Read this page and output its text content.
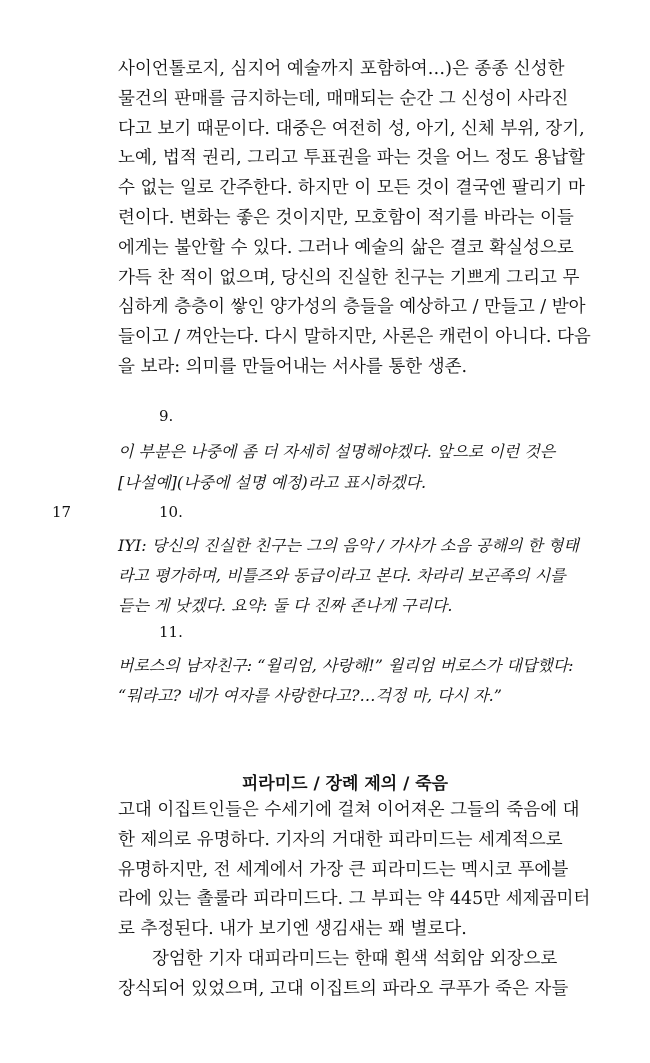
사이언톨로지, 심지어 예술까지 포함하여…)은 종종 신성한
물건의 판매를 금지하는데, 매매되는 순간 그 신성이 사라진
다고 보기 때문이다. 대중은 여전히 성, 아기, 신체 부위, 장기,
노예, 법적 권리, 그리고 투표권을 파는 것을 어느 정도 용납할
수 없는 일로 간주한다. 하지만 이 모든 것이 결국엔 팔리기 마
련이다. 변화는 좋은 것이지만, 모호함이 적기를 바라는 이들
에게는 불안할 수 있다. 그러나 예술의 삶은 결코 확실성으로
가득 찬 적이 없으며, 당신의 진실한 친구는 기쁘게 그리고 무
심하게 층층이 쌓인 양가성의 층들을 예상하고 / 만들고 / 받아
들이고 / 껴안는다. 다시 말하지만, 사론은 캐런이 아니다. 다음
을 보라: 의미를 만들어내는 서사를 통한 생존.
9.
이 부분은 나중에 좀 더 자세히 설명해야겠다. 앞으로 이런 것은
[나설예](나중에 설명 예정)라고 표시하겠다.
17	10.
IYI: 당신의 진실한 친구는 그의 음악 / 가사가 소음 공해의 한 형태
라고 평가하며, 비틀즈와 동급이라고 본다. 차라리 보곤족의 시를
듣는 게 낫겠다. 요약: 둘 다 진짜 존나게 구리다.
11.
버로스의 남자친구: “윌리엄, 사랑해!” 윌리엄 버로스가 대답했다:
“뭐라고? 네가 여자를 사랑한다고?…걱정 마, 다시 자.”
피라미드 / 장례 제의 / 죽음
고대 이집트인들은 수세기에 걸쳐 이어져온 그들의 죽음에 대
한 제의로 유명하다. 기자의 거대한 피라미드는 세계적으로
유명하지만, 전 세계에서 가장 큰 피라미드는 멕시코 푸에블
라에 있는 촐룰라 피라미드다. 그 부피는 약 445만 세제곱미터
로 추정된다. 내가 보기엔 생김새는 꽤 별로다.
장엄한 기자 대피라미드는 한때 흰색 석회암 외장으로
장식되어 있었으며, 고대 이집트의 파라오 쿠푸가 죽은 자들
